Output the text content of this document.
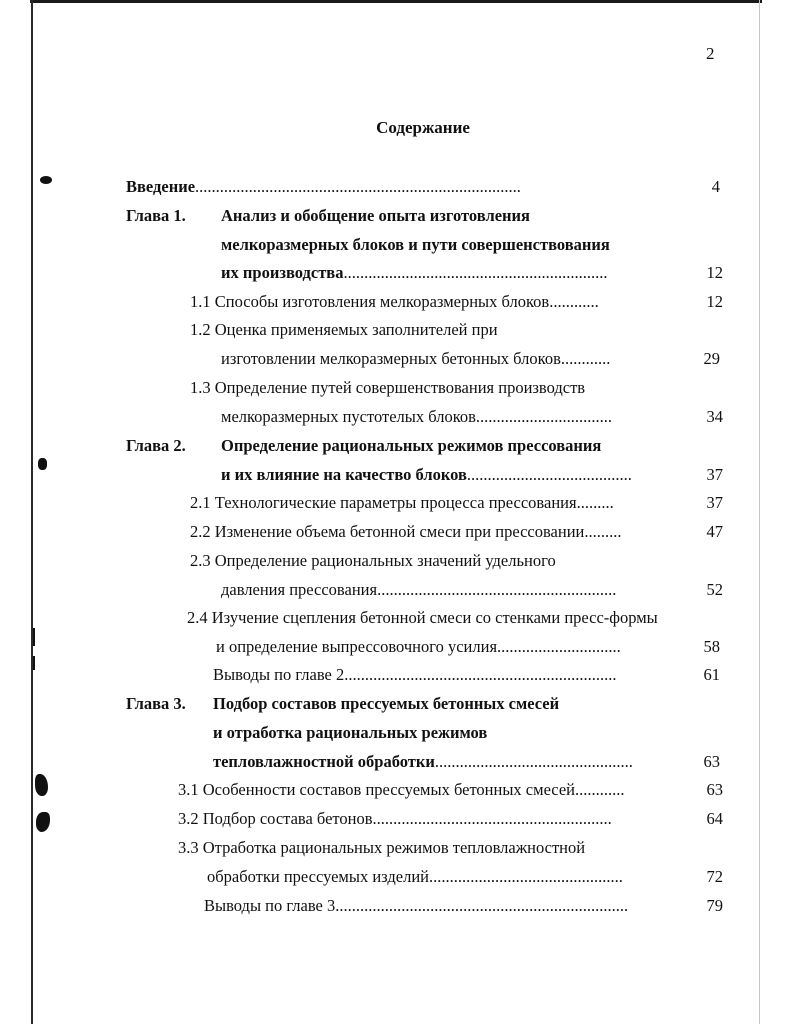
2
Содержание
Введение...............................................................................	4
Глава 1. Анализ и обобщение опыта изготовления
мелкоразмерных блоков и пути совершенствования
их производства................................................................	12
1.1 Способы изготовления мелкоразмерных блоков............	12
1.2 Оценка применяемых заполнителей при
изготовлении мелкоразмерных бетонных блоков............	29
1.3 Определение путей совершенствования производств
мелкоразмерных пустотелых блоков.................................	34
Глава 2. Определение рациональных режимов прессования
и их влияние на качество блоков........................................	37
2.1 Технологические параметры процесса прессования.........	37
2.2 Изменение объема бетонной смеси при прессовании.........	47
2.3 Определение рациональных значений удельного
давления прессования..........................................................	52
2.4 Изучение сцепления бетонной смеси со стенками пресс-формы
и определение выпрессовочного усилия..............................	58
Выводы по главе 2..................................................................	61
Глава 3. Подбор составов прессуемых бетонных смесей
и отработка рациональных режимов
тепловлажностной обработки................................................	63
3.1 Особенности составов прессуемых бетонных смесей............	63
3.2 Подбор состава бетонов..........................................................	64
3.3 Отработка рациональных режимов тепловлажностной
обработки прессуемых изделий...............................................	72
Выводы по главе 3.......................................................................	79
